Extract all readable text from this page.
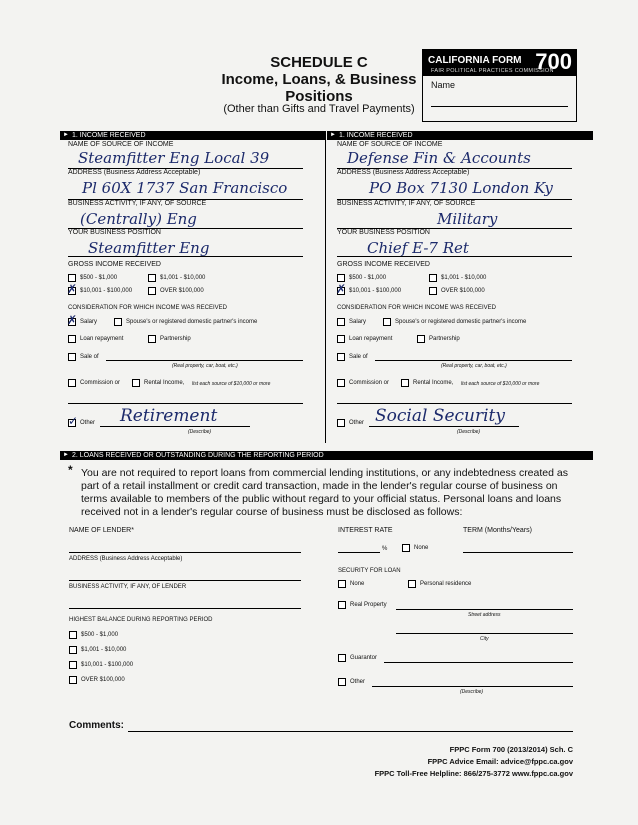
SCHEDULE C
Income, Loans, & Business
Positions
(Other than Gifts and Travel Payments)
CALIFORNIA FORM 700
FAIR POLITICAL PRACTICES COMMISSION
Name
► 1. INCOME RECEIVED
►	1. INCOME RECEIVED
NAME OF SOURCE OF INCOME
Steamfitter Eng Local 39
ADDRESS (Business Address Acceptable)
Pl 60X 1737 San Francisco
BUSINESS ACTIVITY, IF ANY, OF SOURCE
(Centrally) Eng
YOUR BUSINESS POSITION
Steamfitter Eng
GROSS INCOME RECEIVED
$500 - $1,000	$1,001 - $10,000
✗ $10,001 - $100,000	OVER $100,000
CONSIDERATION FOR WHICH INCOME WAS RECEIVED
✗ Salary	Spouse's or registered domestic partner's income
Loan repayment	Partnership
Sale of
(Real property, car, boat, etc.)
Commission or	Rental Income, list each source of $10,000 or more
✓ Other Retirement
(Describe)
NAME OF SOURCE OF INCOME
Defense Fin & Accounts
ADDRESS (Business Address Acceptable)
PO Box 7130 London Ky
BUSINESS ACTIVITY, IF ANY, OF SOURCE
Military
YOUR BUSINESS POSITION
Chief E-7 Ret
GROSS INCOME RECEIVED
$500 - $1,000	$1,001 - $10,000
✗ $10,001 - $100,000	OVER $100,000
CONSIDERATION FOR WHICH INCOME WAS RECEIVED
Salary	Spouse's or registered domestic partner's income
Loan repayment	Partnership
Sale of
(Real property, car, boat, etc.)
Commission or	Rental Income, list each source of $10,000 or more
Other Social Security
(Describe)
► 2. LOANS RECEIVED OR OUTSTANDING DURING THE REPORTING PERIOD
* You are not required to report loans from commercial lending institutions, or any indebtedness created as part of a retail installment or credit card transaction, made in the lender's regular course of business on terms available to members of the public without regard to your official status. Personal loans and loans received not in a lender's regular course of business must be disclosed as follows:
NAME OF LENDER*
ADDRESS (Business Address Acceptable)
BUSINESS ACTIVITY, IF ANY, OF LENDER
HIGHEST BALANCE DURING REPORTING PERIOD
$500 - $1,000
$1,001 - $10,000
$10,001 - $100,000
OVER $100,000
INTEREST RATE	TERM (Months/Years)
%	None
SECURITY FOR LOAN
None	Personal residence
Real Property
Street address
City
Guarantor
Other
(Describe)
Comments:
FPPC Form 700 (2013/2014) Sch. C
FPPC Advice Email: advice@fppc.ca.gov
FPPC Toll-Free Helpline: 866/275-3772 www.fppc.ca.gov
